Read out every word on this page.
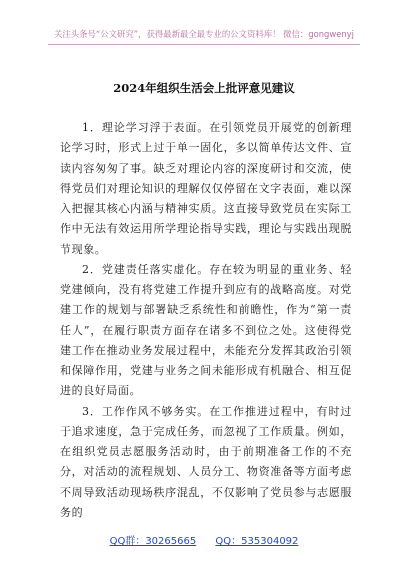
关注头条号“公文研究”，获得最新最全最专业的公文资料库！ 微信：gongwenyj
2024年组织生活会上批评意见建议

1．理论学习浮于表面。在引领党员开展党的创新理论学习时，形式上过于单一固化，多以简单传达文件、宣读内容匆匆了事。缺乏对理论内容的深度研讨和交流，使得党员们对理论知识的理解仅仅停留在文字表面，难以深入把握其核心内涵与精神实质。这直接导致党员在实际工作中无法有效运用所学理论指导实践，理论与实践出现脱节现象。

2．党建责任落实虚化。存在较为明显的重业务、轻党建倾向，没有将党建工作提升到应有的战略高度。对党建工作的规划与部署缺乏系统性和前瞻性，作为“第一责任人”，在履行职责方面存在诸多不到位之处。这使得党建工作在推动业务发展过程中，未能充分发挥其政治引领和保障作用，党建与业务之间未能形成有机融合、相互促进的良好局面。

3．工作作风不够务实。在工作推进过程中，有时过于追求速度，急于完成任务，而忽视了工作质量。例如，在组织党员志愿服务活动时，由于前期准备工作的不充分，对活动的流程规划、人员分工、物资准备等方面考虑不周导致活动现场秩序混乱，不仅影响了党员参与志愿服务的

QQ群：30265665 QQ：535304092
